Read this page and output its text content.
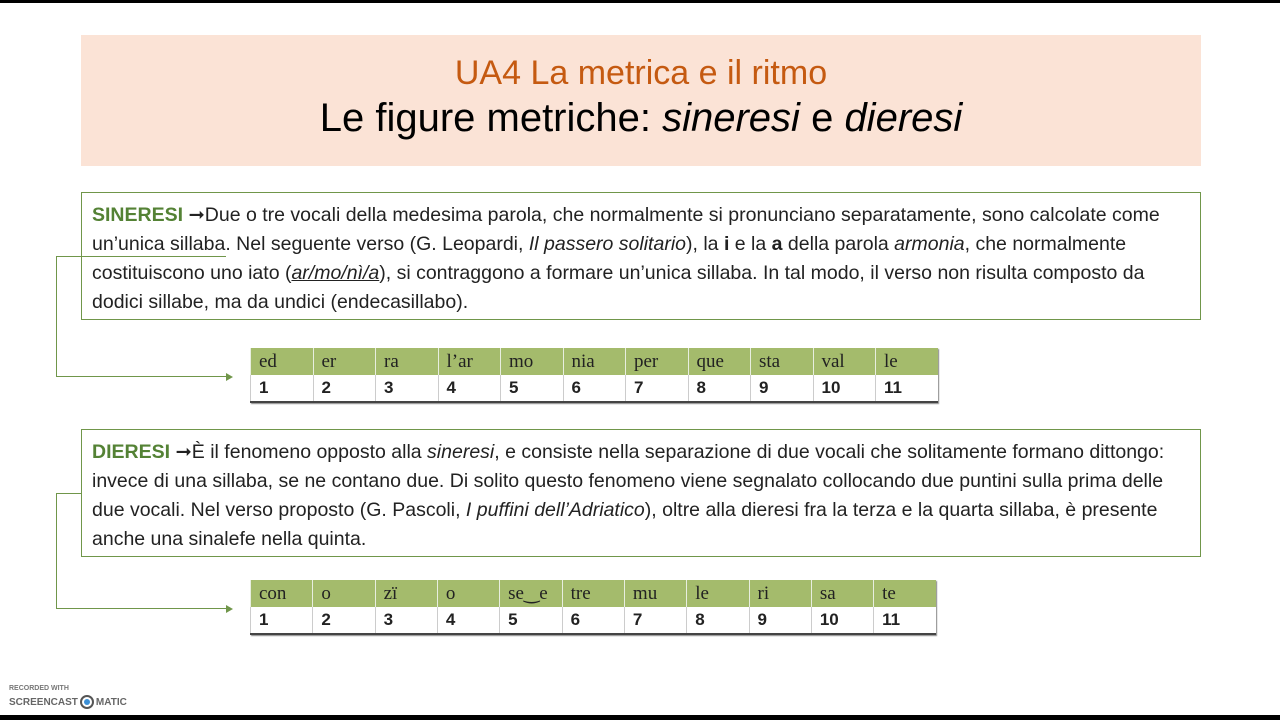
UA4 La metrica e il ritmo
Le figure metriche: sineresi e dieresi
SINERESI ➞Due o tre vocali della medesima parola, che normalmente si pronunciano separatamente, sono calcolate come un’unica sillaba. Nel seguente verso (G. Leopardi, Il passero solitario), la i e la a della parola armonia, che normalmente costituiscono uno iato (ar/mo/nì/a), si contraggono a formare un’unica sillaba. In tal modo, il verso non risulta composto da dodici sillabe, ma da undici (endecasillabo).
ed	er	ra	l’ar	mo	nia	per	que	sta	val	le
1	2	3	4	5	6	7	8	9	10	11
DIERESI ➞È il fenomeno opposto alla sineresi, e consiste nella separazione di due vocali che solitamente formano dittongo: invece di una sillaba, se ne contano due. Di solito questo fenomeno viene segnalato collocando due puntini sulla prima delle due vocali. Nel verso proposto (G. Pascoli, I puffini dell’Adriatico), oltre alla dieresi fra la terza e la quarta sillaba, è presente anche una sinalefe nella quinta.
con	o	zï	o	se‿e	tre	mu	le	ri	sa	te
1	2	3	4	5	6	7	8	9	10	11
RECORDED WITH
SCREENCAST MATIC
